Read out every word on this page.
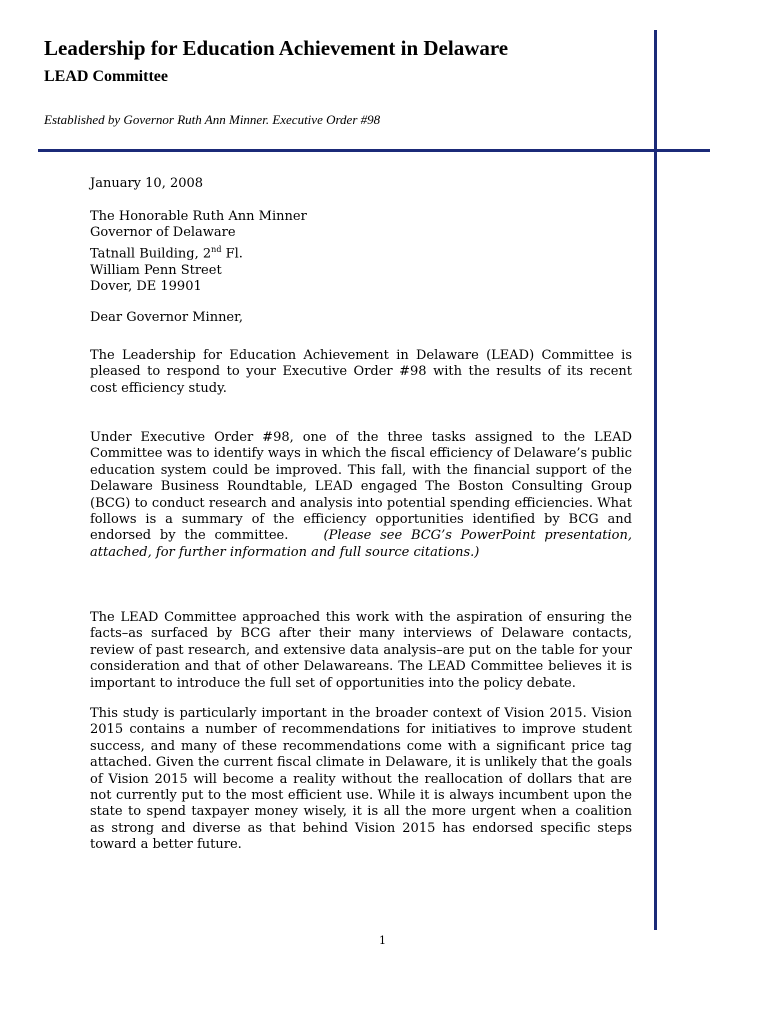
Leadership for Education Achievement in Delaware
LEAD Committee

Established by Governor Ruth Ann Minner. Executive Order #98

January 10, 2008

The Honorable Ruth Ann Minner

Governor of Delaware

Tatnall Building, 2nd Fl.

William Penn Street

Dover, DE 19901

Dear Governor Minner,

The Leadership for Education Achievement in Delaware (LEAD) Committee is pleased to respond to your Executive Order #98 with the results of its recent cost efficiency study.

Under Executive Order #98, one of the three tasks assigned to the LEAD Committee was to identify ways in which the fiscal efficiency of Delaware’s public education system could be improved. This fall, with the financial support of the Delaware Business Roundtable, LEAD engaged The Boston Consulting Group (BCG) to conduct research and analysis into potential spending efficiencies. What follows is a summary of the efficiency opportunities identified by BCG and endorsed by the committee.	(Please see BCG’s PowerPoint presentation, attached, for further information and full source citations.)

The LEAD Committee approached this work with the aspiration of ensuring the facts–as surfaced by BCG after their many interviews of Delaware contacts, review of past research, and extensive data analysis–are put on the table for your consideration and that of other Delawareans. The LEAD Committee believes it is important to introduce the full set of opportunities into the policy debate.

This study is particularly important in the broader context of Vision 2015. Vision 2015 contains a number of recommendations for initiatives to improve student success, and many of these recommendations come with a significant price tag attached. Given the current fiscal climate in Delaware, it is unlikely that the goals of Vision 2015 will become a reality without the reallocation of dollars that are not currently put to the most efficient use. While it is always incumbent upon the state to spend taxpayer money wisely, it is all the more urgent when a coalition as strong and diverse as that behind Vision 2015 has endorsed specific steps toward a better future.

1
